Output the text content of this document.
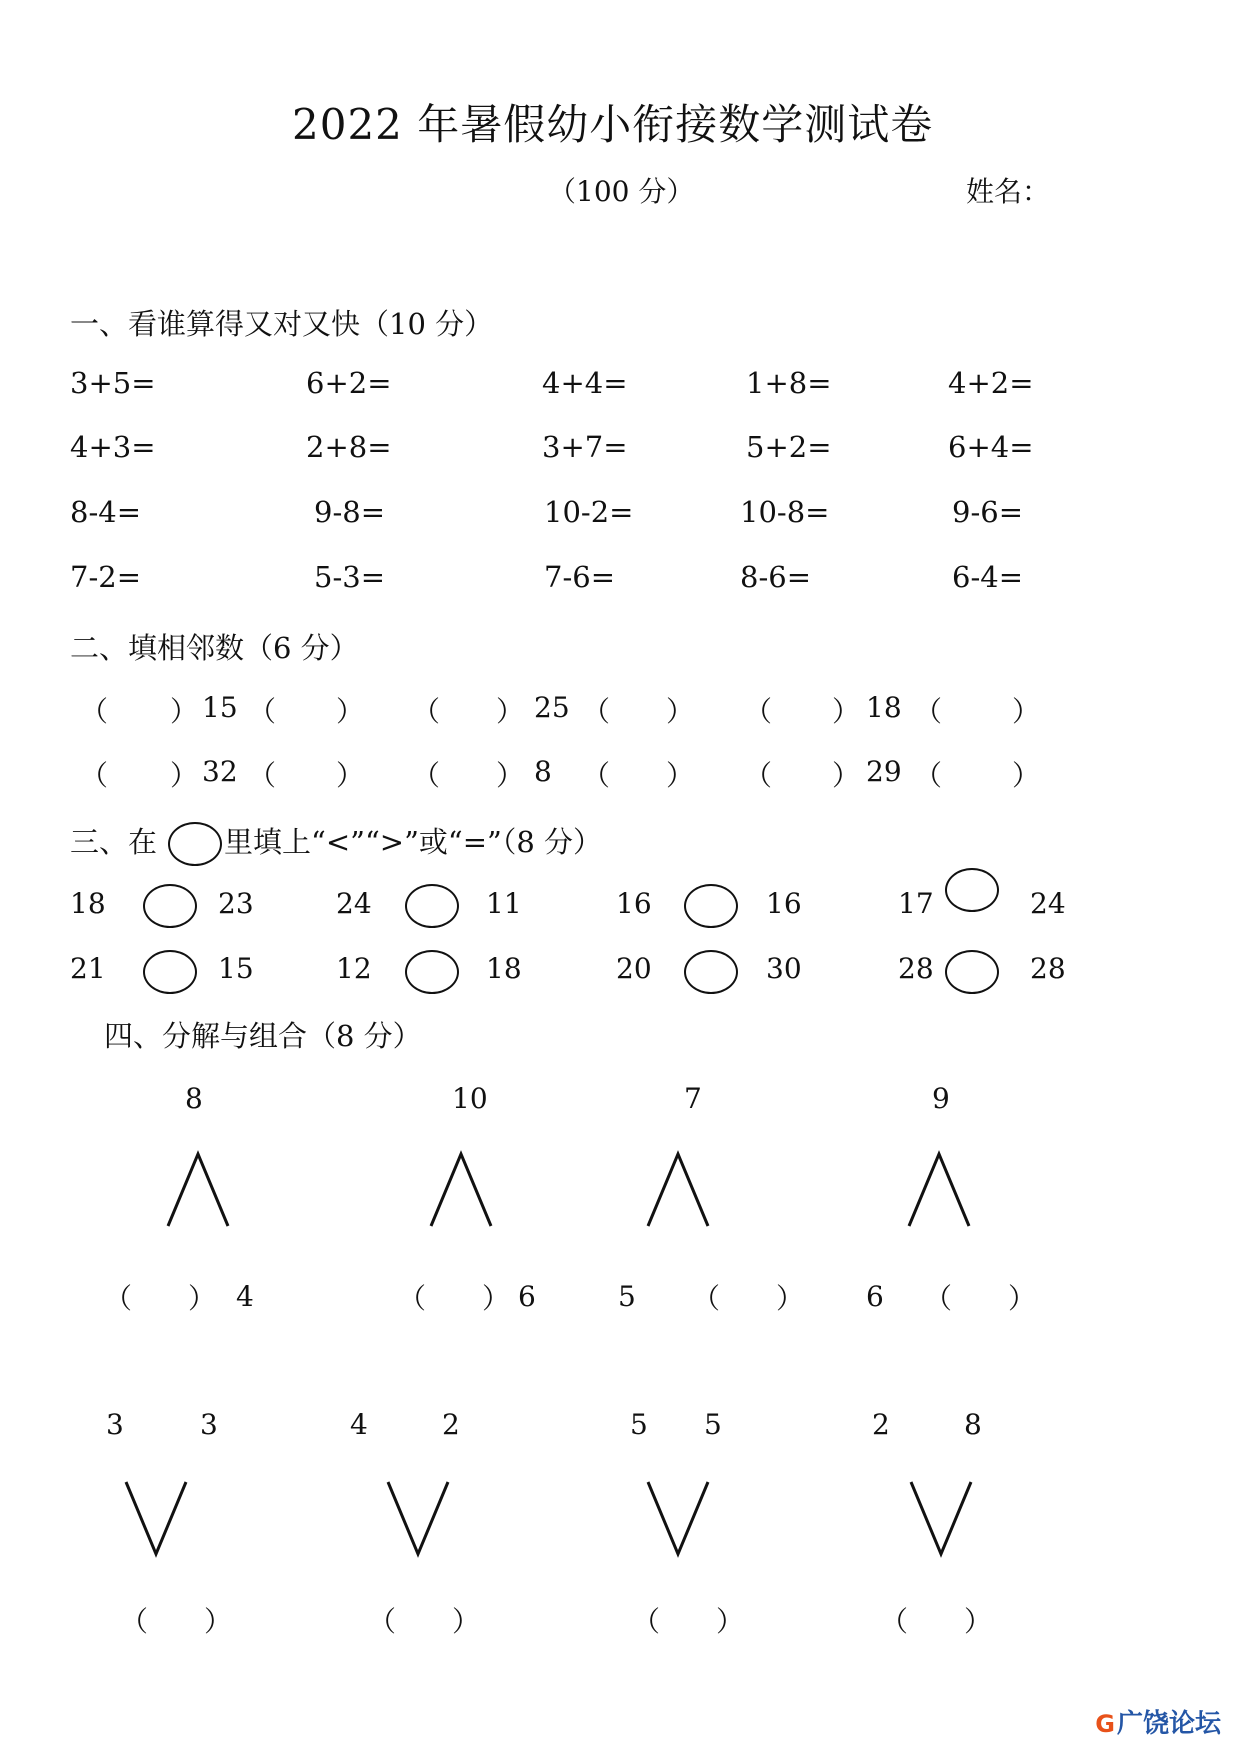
2022 年暑假幼小衔接数学测试卷
（100 分）	姓名：
一、看谁算得又对又快（10 分）
3+5=	6+2=	4+4=	1+8=	4+2=
4+3=	2+8=	3+7=	5+2=	6+4=
8-4=	9-8=	10-2=	10-8=	9-6=
7-2=	5-3=	7-6=	8-6=	6-4=
二、填相邻数（6 分）
（ ） 15 （ ） （ ） 25 （ ） （ ） 18 （ ）
（ ） 32 （ ） （ ） 8 （ ） （ ） 29 （ ）
三、在 里填上“<”“>”或“=”（8 分）
18	23	24	11	16	16	17	24
21	15	12	18	20	30	28	28
四、分解与组合（8 分）
8
（　　） 4
10
（　　） 6
7
5 （　　）
9
6 （　　）
3	3
（　　）
4	2
（　　）
5 5
（　　）
2	8
（　　）
G广饶论坛
